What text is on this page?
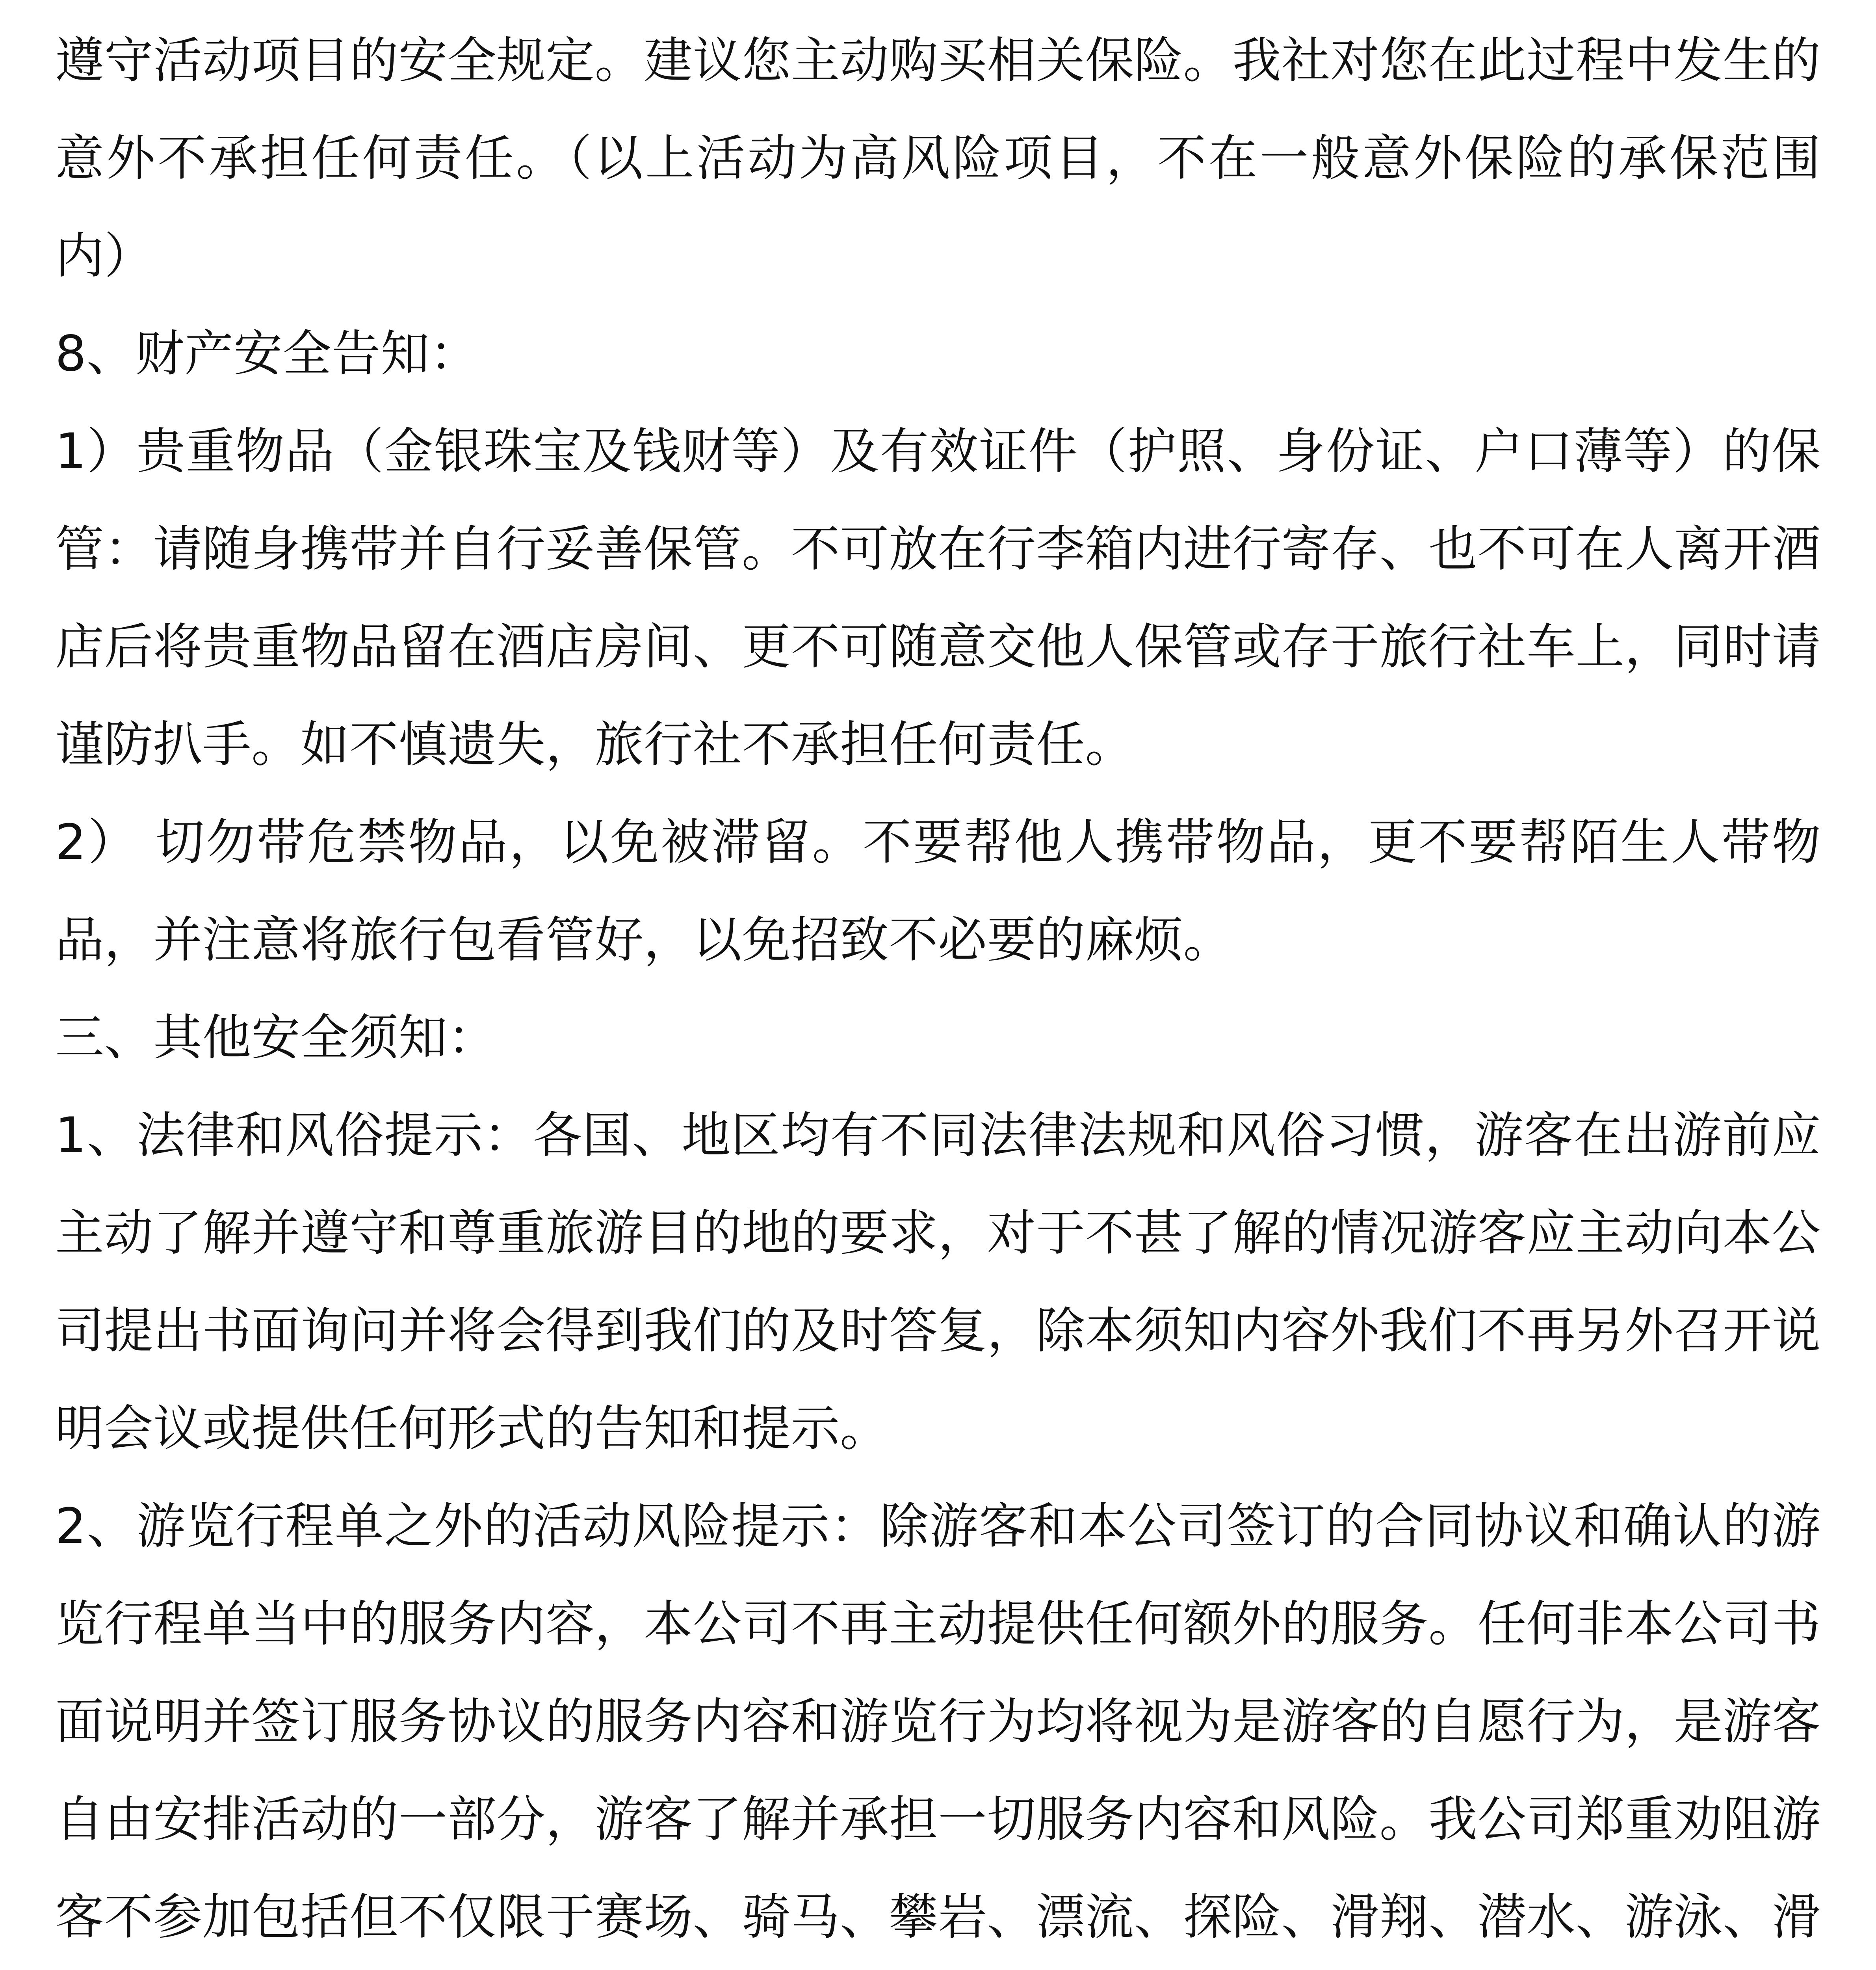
遵守活动项目的安全规定。建议您主动购买相关保险。我社对您在此过程中发生的意外不承担任何责任。（以上活动为高风险项目，不在一般意外保险的承保范围内）

8、财产安全告知：

1）贵重物品（金银珠宝及钱财等）及有效证件（护照、身份证、户口薄等）的保管：请随身携带并自行妥善保管。不可放在行李箱内进行寄存、也不可在人离开酒店后将贵重物品留在酒店房间、更不可随意交他人保管或存于旅行社车上，同时请谨防扒手。如不慎遗失，旅行社不承担任何责任。

2） 切勿带危禁物品，以免被滞留。不要帮他人携带物品，更不要帮陌生人带物品，并注意将旅行包看管好，以免招致不必要的麻烦。

三、其他安全须知：

1、法律和风俗提示：各国、地区均有不同法律法规和风俗习惯，游客在出游前应主动了解并遵守和尊重旅游目的地的要求，对于不甚了解的情况游客应主动向本公司提出书面询问并将会得到我们的及时答复，除本须知内容外我们不再另外召开说明会议或提供任何形式的告知和提示。

2、游览行程单之外的活动风险提示：除游客和本公司签订的合同协议和确认的游览行程单当中的服务内容，本公司不再主动提供任何额外的服务。任何非本公司书面说明并签订服务协议的服务内容和游览行为均将视为是游客的自愿行为，是游客自由安排活动的一部分，游客了解并承担一切服务内容和风险。我公司郑重劝阻游客不参加包括但不仅限于赛场、骑马、攀岩、漂流、探险、滑翔、潜水、游泳、滑
